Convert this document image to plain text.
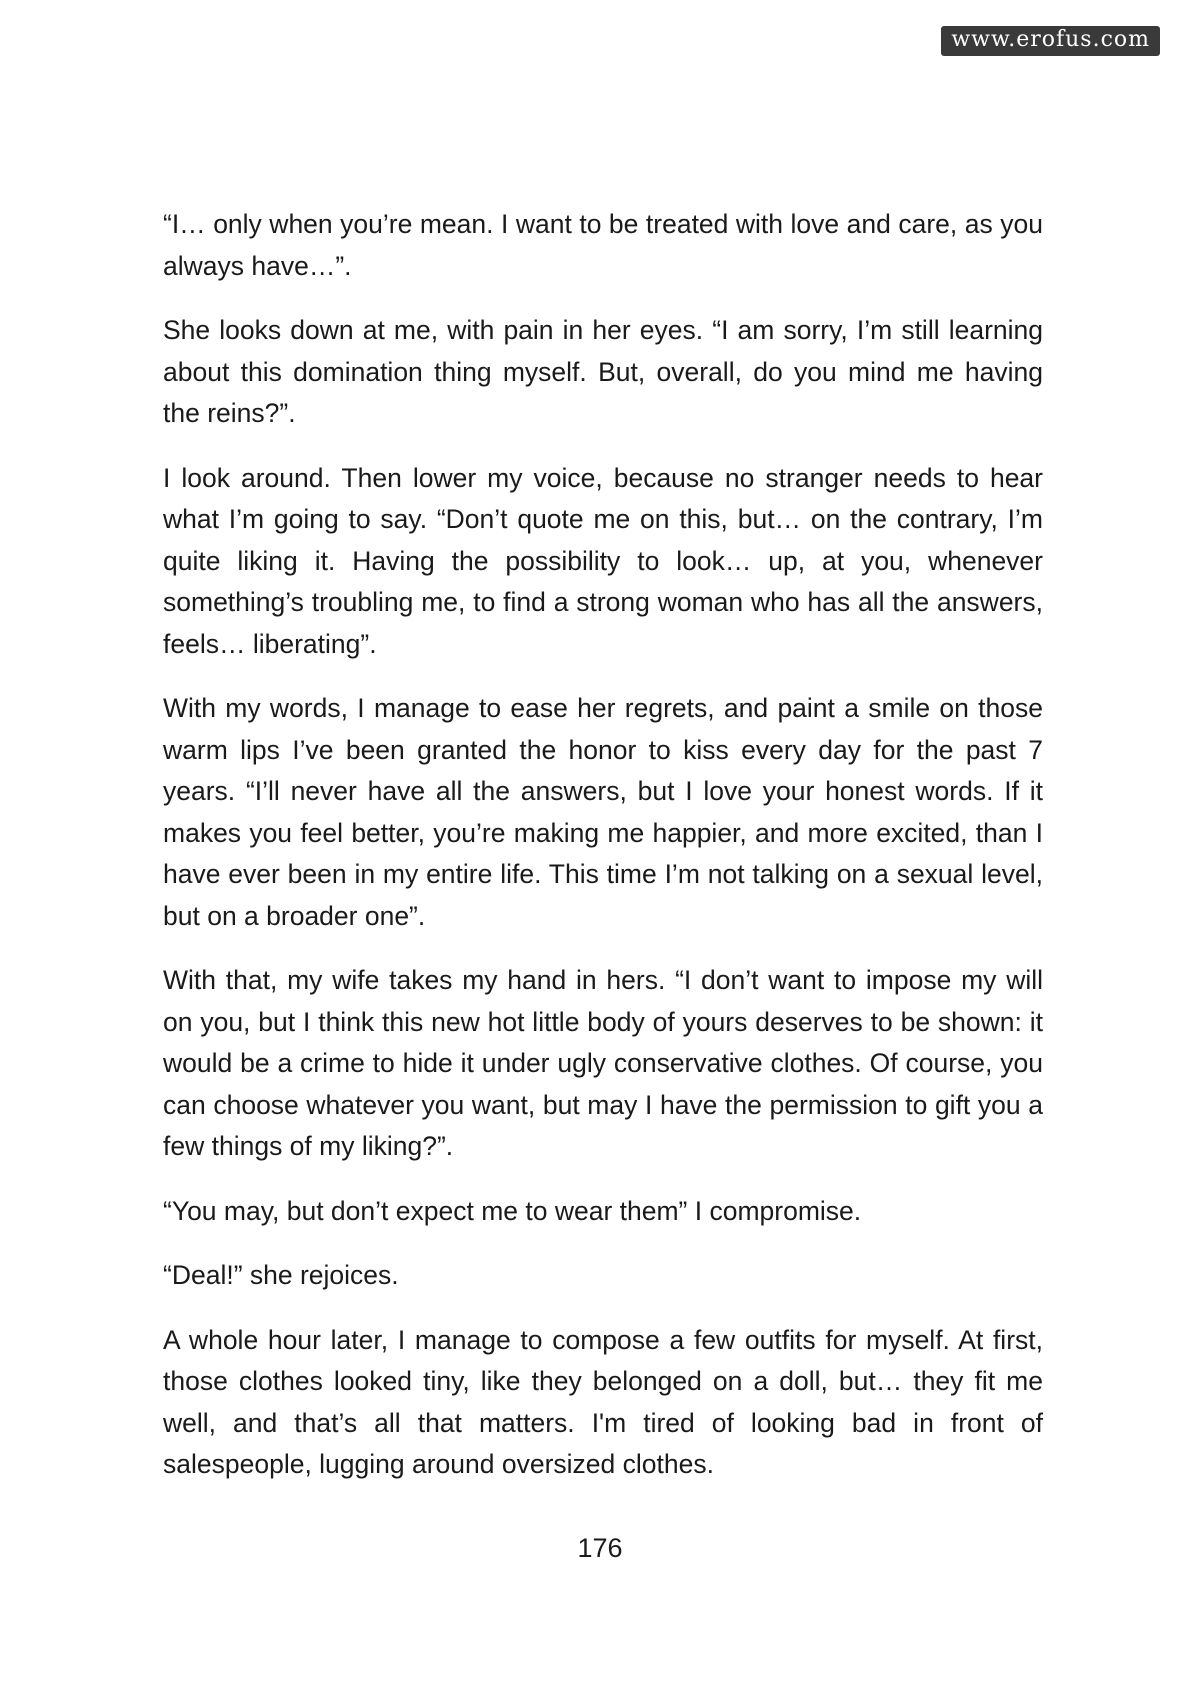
www.erofus.com

“I… only when you’re mean. I want to be treated with love and care, as you always have…”.

She looks down at me, with pain in her eyes. “I am sorry, I’m still learning about this domination thing myself. But, overall, do you mind me having the reins?”.

I look around. Then lower my voice, because no stranger needs to hear what I’m going to say. “Don’t quote me on this, but… on the contrary, I’m quite liking it. Having the possibility to look… up, at you, whenever something’s troubling me, to find a strong woman who has all the answers, feels… liberating”.

With my words, I manage to ease her regrets, and paint a smile on those warm lips I’ve been granted the honor to kiss every day for the past 7 years. “I’ll never have all the answers, but I love your honest words. If it makes you feel better, you’re making me happier, and more excited, than I have ever been in my entire life. This time I’m not talking on a sexual level, but on a broader one”.

With that, my wife takes my hand in hers. “I don’t want to impose my will on you, but I think this new hot little body of yours deserves to be shown: it would be a crime to hide it under ugly conservative clothes. Of course, you can choose whatever you want, but may I have the permission to gift you a few things of my liking?”.

“You may, but don’t expect me to wear them” I compromise.

“Deal!” she rejoices.

A whole hour later, I manage to compose a few outfits for myself. At first, those clothes looked tiny, like they belonged on a doll, but… they fit me well, and that’s all that matters. I'm tired of looking bad in front of salespeople, lugging around oversized clothes.

176
